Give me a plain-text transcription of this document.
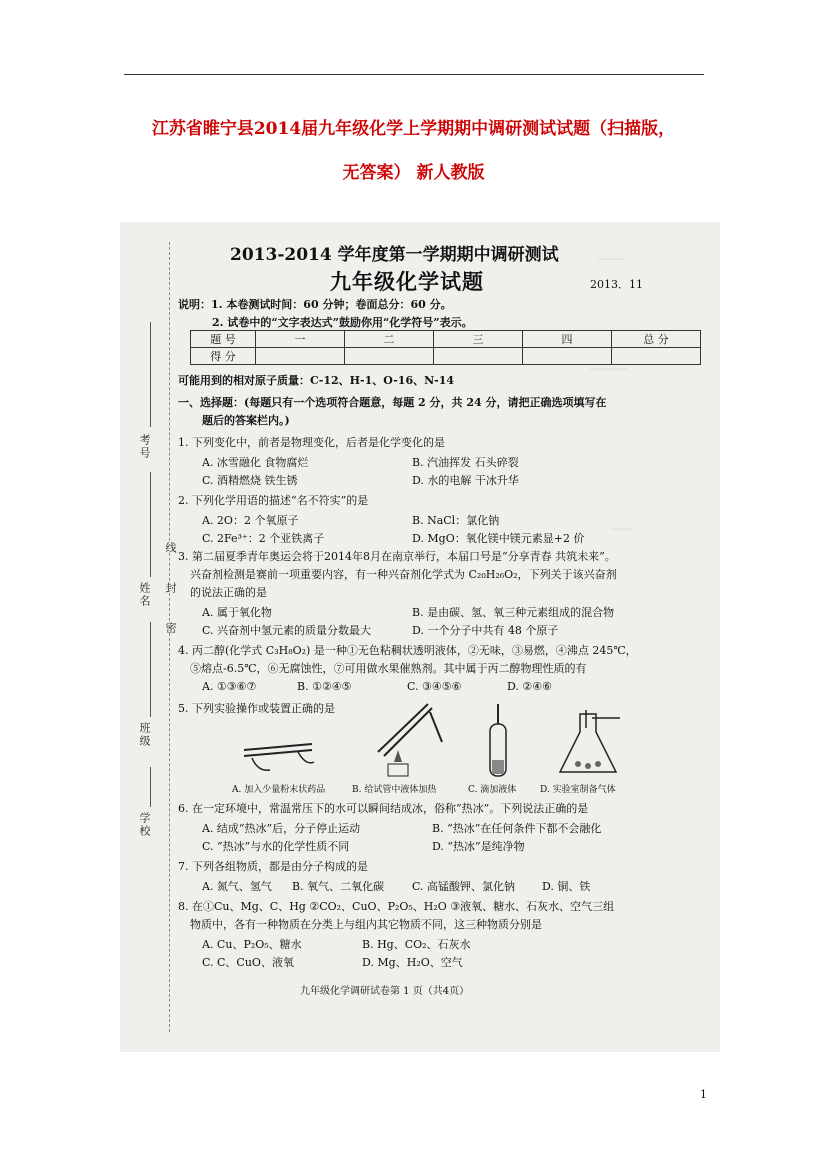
江苏省睢宁县2014届九年级化学上学期期中调研测试试题（扫描版，
无答案） 新人教版
-------
----------
------
考号
姓名
班级
学校
线
封
密
2013-2014 学年度第一学期期中调研测试
九年级化学试题	2013．11
说明：1. 本卷测试时间：60 分钟；卷面总分：60 分。
2. 试卷中的“文字表达式”鼓励你用“化学符号”表示。
题 号	一	二	三	四	总 分
得 分					
可能用到的相对原子质量：C-12、H-1、O-16、N-14
一、选择题：(每题只有一个选项符合题意，每题 2 分，共 24 分，请把正确选项填写在
题后的答案栏内。)
1. 下列变化中，前者是物理变化，后者是化学变化的是
A. 冰雪融化 食物腐烂	B. 汽油挥发 石头碎裂
C. 酒精燃烧 铁生锈	D. 水的电解 干冰升华
2. 下列化学用语的描述“名不符实”的是
A. 2O：2 个氧原子	B. NaCl：氯化钠
C. 2Fe³⁺：2 个亚铁离子	D. MgO：氧化镁中镁元素显+2 价
3. 第二届夏季青年奥运会将于2014年8月在南京举行，本届口号是“分享青春 共筑未来”。
兴奋剂检测是赛前一项重要内容，有一种兴奋剂化学式为 C₂₀H₂₆O₂，下列关于该兴奋剂
的说法正确的是
A. 属于氧化物	B. 是由碳、氢、氧三种元素组成的混合物
C. 兴奋剂中氢元素的质量分数最大	D. 一个分子中共有 48 个原子
4. 丙二醇(化学式 C₃H₈O₂) 是一种①无色粘稠状透明液体，②无味，③易燃，④沸点 245℃，
⑤熔点-6.5℃，⑥无腐蚀性，⑦可用做水果催熟剂。其中属于丙二醇物理性质的有
A. ①③⑥⑦	B. ①②④⑤	C. ③④⑤⑥	D. ②④⑥
5. 下列实验操作或装置正确的是
A. 加入少量粉末状药品	B. 给试管中液体加热	C. 滴加液体	D. 实验室制备气体
6. 在一定环境中，常温常压下的水可以瞬间结成冰，俗称“热冰”。下列说法正确的是
A. 结成“热冰”后，分子停止运动	B. “热冰”在任何条件下都不会融化
C. “热冰”与水的化学性质不同	D. “热冰”是纯净物
7. 下列各组物质，都是由分子构成的是
A. 氮气、氢气 B. 氧气、二氧化碳	C. 高锰酸钾、氯化钠 D. 铜、铁
8. 在①Cu、Mg、C、Hg ②CO₂、CuO、P₂O₅、H₂O ③液氧、糖水、石灰水、空气三组
物质中，各有一种物质在分类上与组内其它物质不同，这三种物质分别是
A. Cu、P₂O₅、糖水	B. Hg、CO₂、石灰水
C. C、CuO、液氧	D. Mg、H₂O、空气
九年级化学调研试卷第 1 页（共4页）
1
